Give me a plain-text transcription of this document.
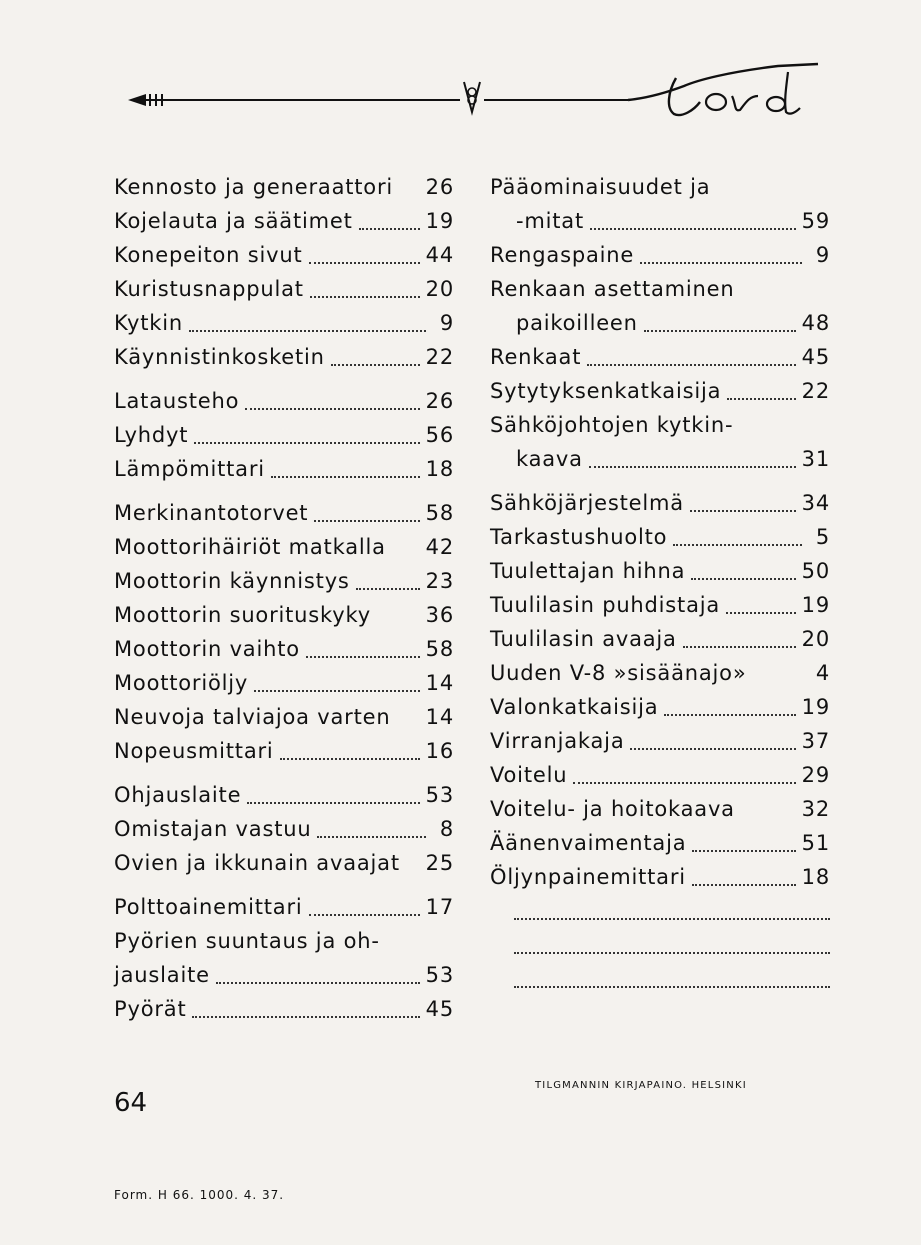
Kennosto ja generaattori 26
Kojelauta ja säätimet	19
Konepeiton sivut	44
Kuristusnappulat	20
Kytkin	9
Käynnistinkosketin	22
Latausteho	26
Lyhdyt	56
Lämpömittari	18
Merkinantotorvet	58
Moottorihäiriöt matkalla 42
Moottorin käynnistys	23
Moottorin suorituskyky	36
Moottorin vaihto	58
Moottoriöljy	14
Neuvoja talviajoa varten 14
Nopeusmittari	16
Ohjauslaite	53
Omistajan vastuu	8
Ovien ja ikkunain avaajat 25
Polttoainemittari	17
Pyörien suuntaus ja oh-
jauslaite	53
Pyörät	45
Pääominaisuudet ja
-mitat	59
Rengaspaine	9
Renkaan asettaminen
paikoilleen	48
Renkaat	45
Sytytyksenkatkaisija	22
Sähköjohtojen kytkin-
kaava	31
Sähköjärjestelmä	34
Tarkastushuolto	5
Tuulettajan hihna	50
Tuulilasin puhdistaja	19
Tuulilasin avaaja	20
Uuden V-8 »sisäänajo»	4
Valonkatkaisija	19
Virranjakaja	37
Voitelu	29
Voitelu- ja hoitokaava	32
Äänenvaimentaja	51
Öljynpainemittari	18
64
TILGMANNIN KIRJAPAINO. HELSINKI
Form. H 66. 1000. 4. 37.
